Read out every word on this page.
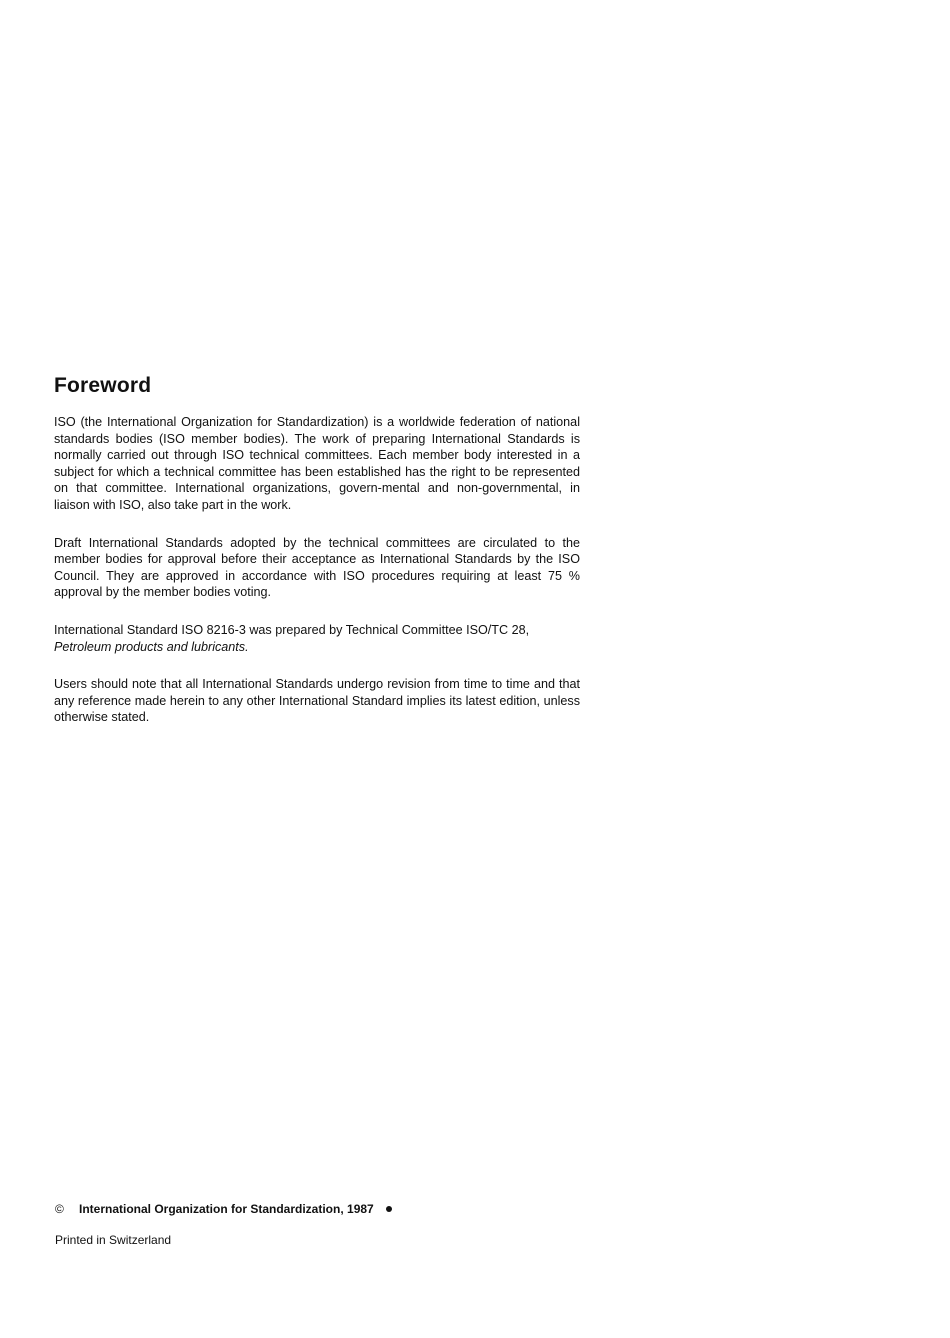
Foreword

ISO (the International Organization for Standardization) is a worldwide federation of national standards bodies (ISO member bodies). The work of preparing International Standards is normally carried out through ISO technical committees. Each member body interested in a subject for which a technical committee has been established has the right to be represented on that committee. International organizations, govern-mental and non-governmental, in liaison with ISO, also take part in the work.

Draft International Standards adopted by the technical committees are circulated to the member bodies for approval before their acceptance as International Standards by the ISO Council. They are approved in accordance with ISO procedures requiring at least 75 % approval by the member bodies voting.

International Standard ISO 8216-3 was prepared by Technical Committee ISO/TC 28,
Petroleum products and lubricants.

Users should note that all International Standards undergo revision from time to time and that any reference made herein to any other International Standard implies its latest edition, unless otherwise stated.

© International Organization for Standardization, 1987
Printed in Switzerland
